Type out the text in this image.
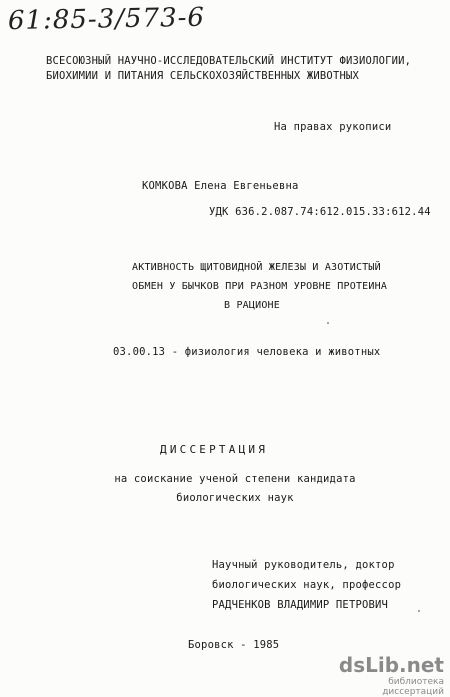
61:85-3/573-6
ВСЕСОЮЗНЫЙ НАУЧНО-ИССЛЕДОВАТЕЛЬСКИЙ ИНСТИТУТ ФИЗИОЛОГИИ,
БИОХИМИИ И ПИТАНИЯ СЕЛЬСКОХОЗЯЙСТВЕННЫХ ЖИВОТНЫХ
На правах рукописи
КОМКОВА Елена Евгеньевна
УДК 636.2.087.74:612.015.33:612.44
АКТИВНОСТЬ ЩИТОВИДНОЙ ЖЕЛЕЗЫ И АЗОТИСТЫЙ
ОБМЕН У БЫЧКОВ ПРИ РАЗНОМ УРОВНЕ ПРОТЕИНА
В РАЦИОНЕ
03.00.13 - физиология человека и животных
ДИССЕРТАЦИЯ
на соискание ученой степени кандидата
биологических наук
Научный руководитель, доктор
биологических наук, профессор
РАДЧЕНКОВ ВЛАДИМИР ПЕТРОВИЧ
Боровск - 1985
dsLib.net
библиотека диссертаций
